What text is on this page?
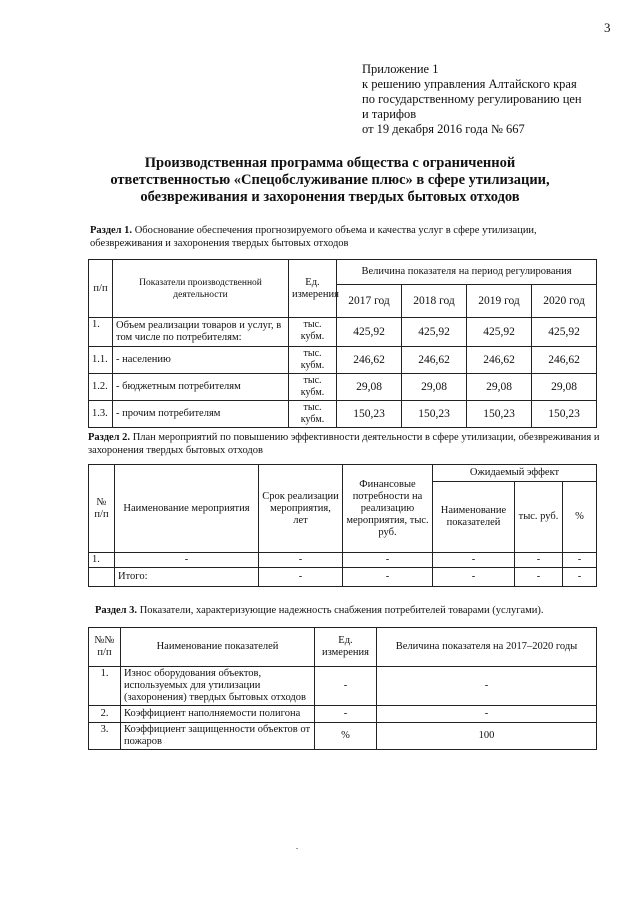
3
Приложение 1
к решению управления Алтайского края
по государственному регулированию цен
и тарифов
от 19 декабря 2016 года № 667
Производственная программа общества с ограниченной
ответственностью «Спецобслуживание плюс» в сфере утилизации,
обезвреживания и захоронения твердых бытовых отходов
Раздел 1. Обоснование обеспечения прогнозируемого объема и качества услуг в сфере утилизации, обезвреживания и захоронения твердых бытовых отходов
п/п	Показатели производственной деятельности	Ед. измерения	Величина показателя на период регулирования			
			2017 год	2018 год	2019 год	2020 год
1.	Объем реализации товаров и услуг, в том числе по потребителям:	тыс. кубм.	425,92	425,92	425,92	425,92
1.1.	- населению	тыс. кубм.	246,62	246,62	246,62	246,62
1.2.	- бюджетным потребителям	тыс. кубм.	29,08	29,08	29,08	29,08
1.3.	- прочим потребителям	тыс. кубм.	150,23	150,23	150,23	150,23
Раздел 2. План мероприятий по повышению эффективности деятельности в сфере утилизации, обезвреживания и захоронения твердых бытовых отходов
№ п/п	Наименование мероприятия	Срок реализации мероприятия, лет	Финансовые потребности на реализацию мероприятия, тыс. руб.	Ожидаемый эффект		
				Наименование показателей	тыс. руб.	%
1.	-	-	-	-	-	-
	Итого:	-	-	-	-	-
Раздел 3. Показатели, характеризующие надежность снабжения потребителей товарами (услугами).
№№ п/п	Наименование показателей	Ед. измерения	Величина показателя на 2017–2020 годы
1.	Износ оборудования объектов, используемых для утилизации (захоронения) твердых бытовых отходов	-	-
2.	Коэффициент наполняемости полигона	-	-
3.	Коэффициент защищенности объектов от пожаров	%	100
